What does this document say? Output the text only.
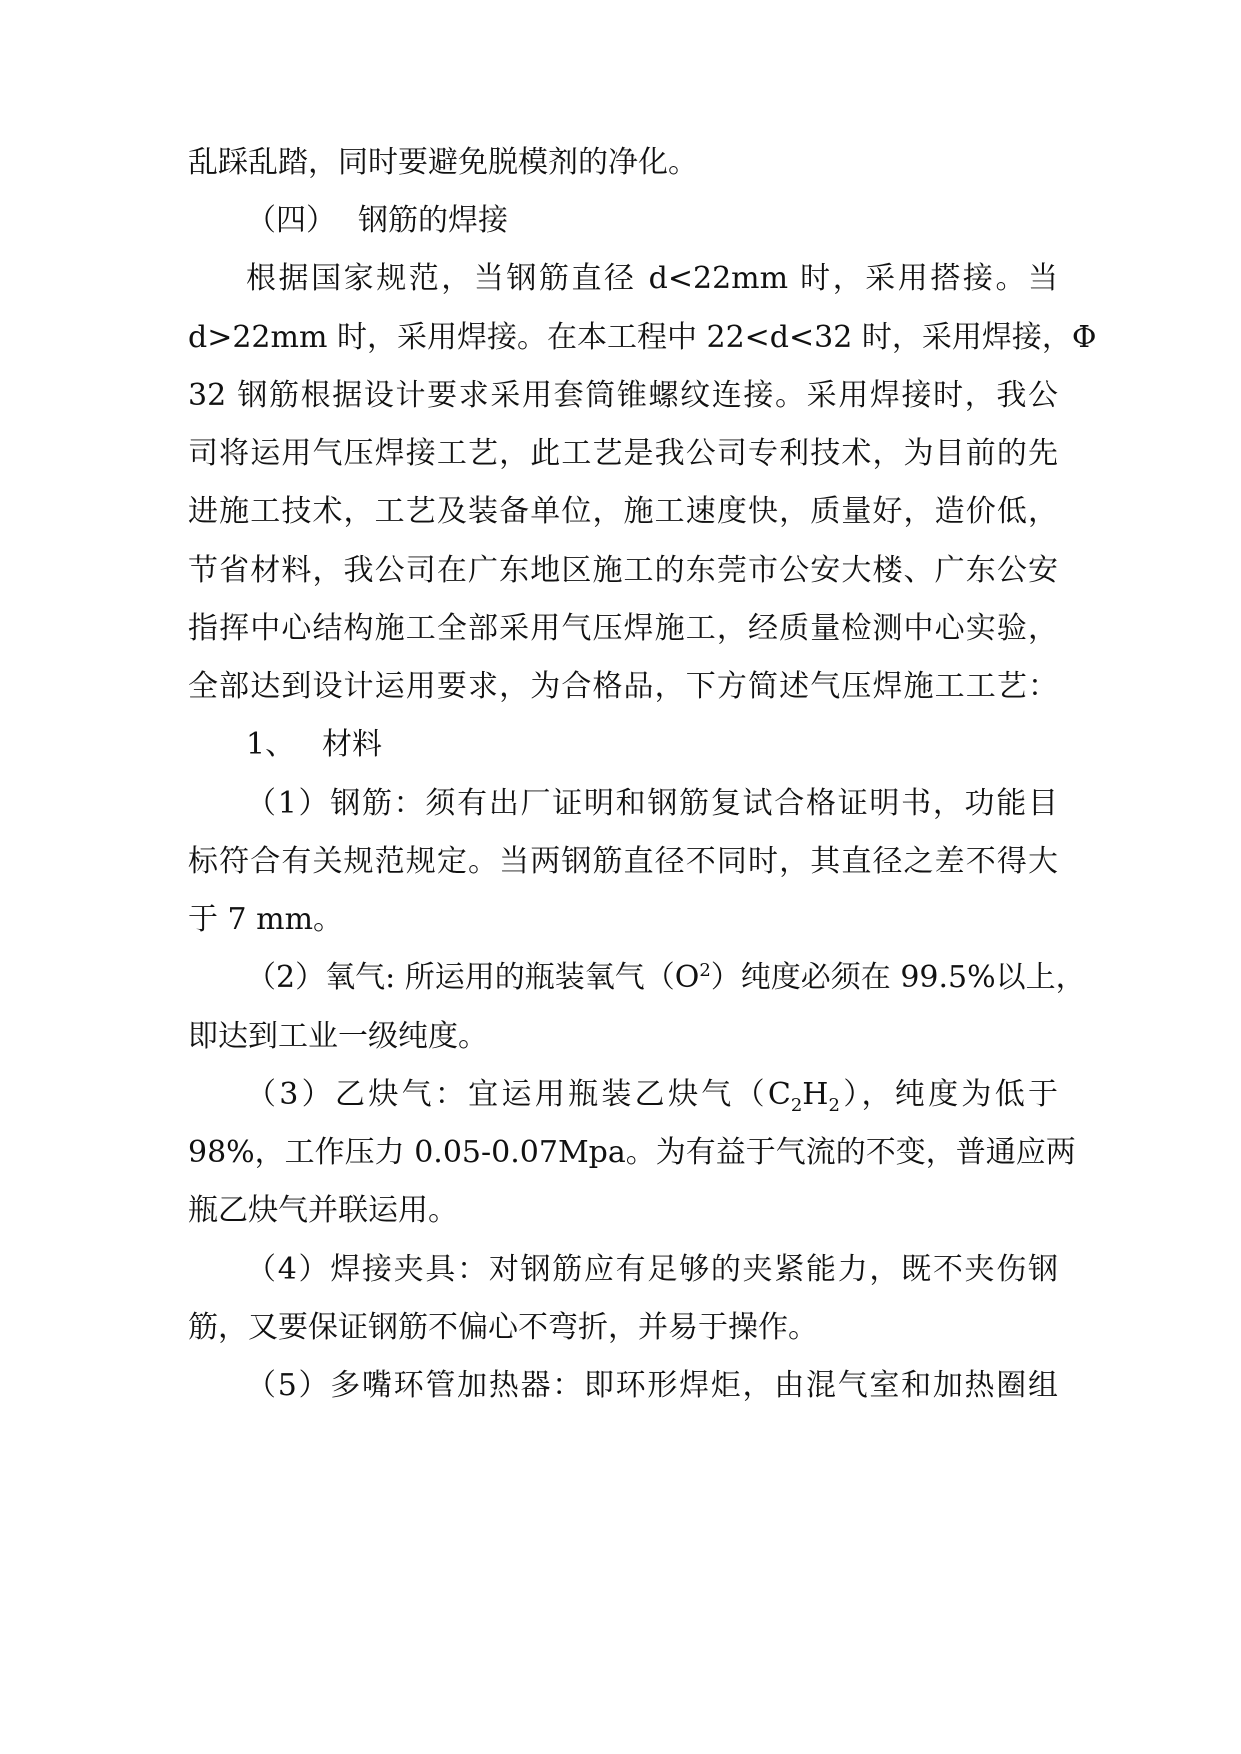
乱踩乱踏，同时要避免脱模剂的净化。
（四） 钢筋的焊接
根据国家规范，当钢筋直径 d<22mm 时，采用搭接。当
d>22mm 时，采用焊接。在本工程中 22<d<32 时，采用焊接，Φ
32 钢筋根据设计要求采用套筒锥螺纹连接。采用焊接时，我公
司将运用气压焊接工艺，此工艺是我公司专利技术，为目前的先
进施工技术，工艺及装备单位，施工速度快，质量好，造价低，
节省材料，我公司在广东地区施工的东莞市公安大楼、广东公安
指挥中心结构施工全部采用气压焊施工，经质量检测中心实验，
全部达到设计运用要求，为合格品，下方简述气压焊施工工艺：
1、 材料
（1）钢筋：须有出厂证明和钢筋复试合格证明书，功能目
标符合有关规范规定。当两钢筋直径不同时，其直径之差不得大
于 7 mm。
（2）氧气: 所运用的瓶装氧气$(O^2)$纯度必须在 99.5%以上，
即达到工业一级纯度。
（3）乙炔气：宜运用瓶装乙炔气$(C_2H_2)$，纯度为低于
98%，工作压力 0.05-0.07Mpa。为有益于气流的不变，普通应两
瓶乙炔气并联运用。
（4）焊接夹具：对钢筋应有足够的夹紧能力，既不夹伤钢
筋，又要保证钢筋不偏心不弯折，并易于操作。
（5）多嘴环管加热器：即环形焊炬，由混气室和加热圈组
